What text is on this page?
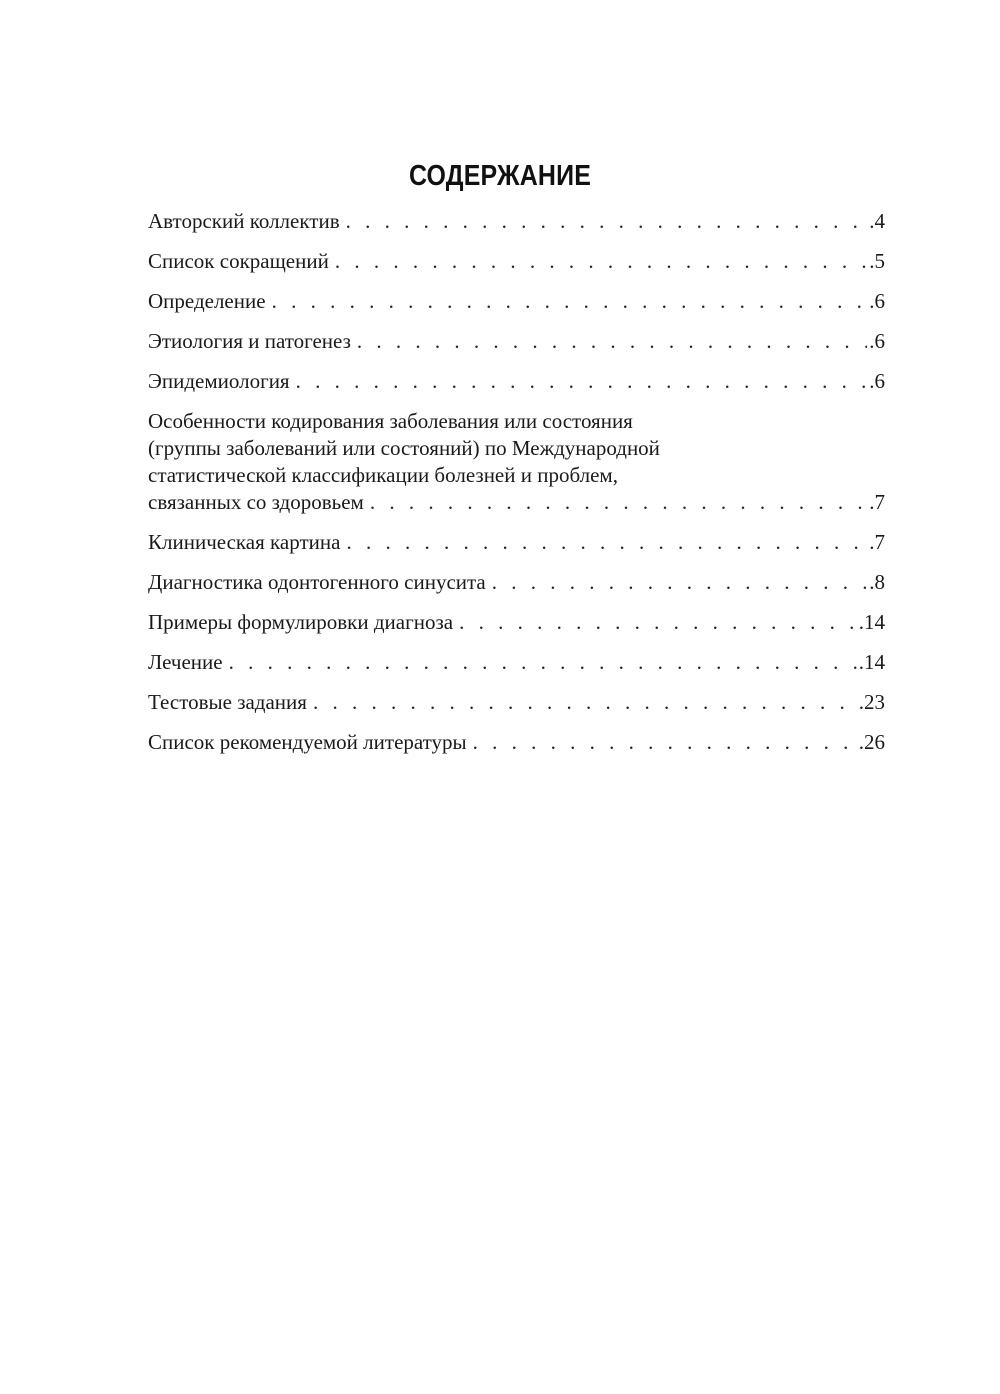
СОДЕРЖАНИЕ
Авторский коллектив . . .	.4
Список сокращений . . .	.5
Определение . . .	.6
Этиология и патогенез . . .	.6
Эпидемиология . . .	.6
Особенности кодирования заболевания или состояния
(группы заболеваний или состояний) по Международной
статистической классификации болезней и проблем,
связанных со здоровьем . . .	.7
Клиническая картина . . .	.7
Диагностика одонтогенного синусита . . .	.8
Примеры формулировки диагноза . . .	.14
Лечение . . .	.14
Тестовые задания . . .	.23
Список рекомендуемой литературы . . .	.26
